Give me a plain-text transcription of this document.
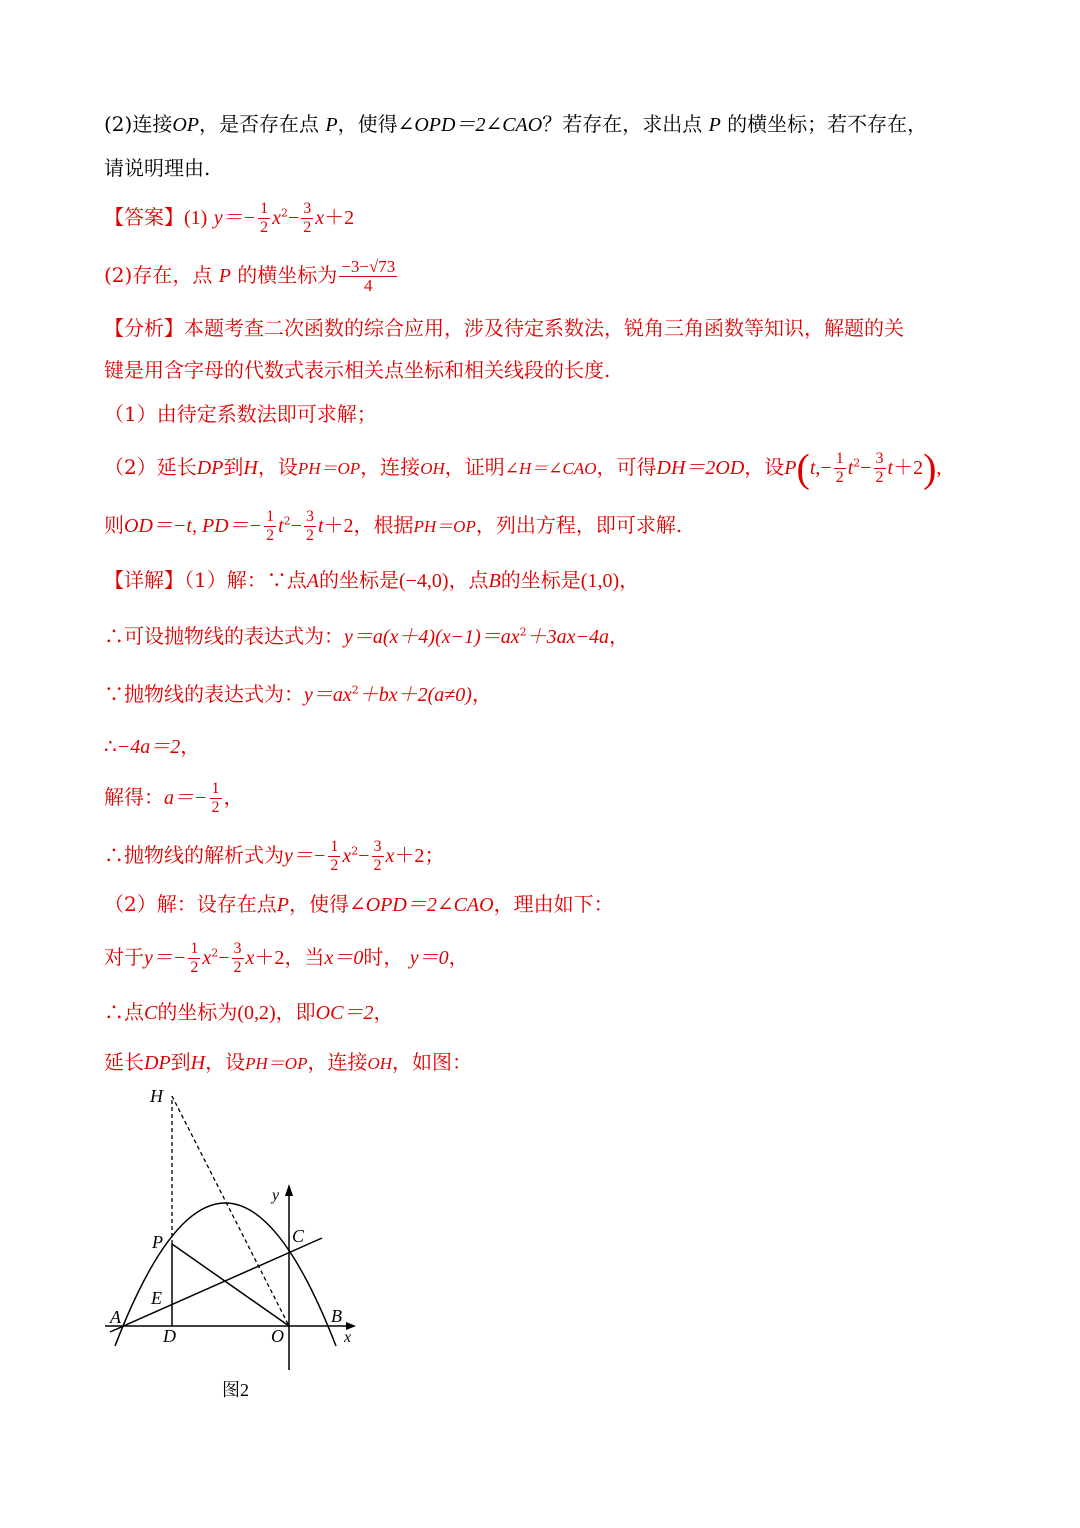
(2)连接OP，是否存在点 P，使得∠OPD＝2∠CAO？若存在，求出点 P 的横坐标；若不存在，
请说明理由.
【答案】(1) $y=- \frac{1}{2} x^2- \frac{3}{2} x+2$
(2)存在，点 P 的横坐标为 $\frac{-3-√73}{4}$
【分析】本题考查二次函数的综合应用，涉及待定系数法，锐角三角函数等知识，解题的关
键是用含字母的代数式表示相关点坐标和相关线段的长度.
（1）由待定系数法即可求解；
（2）延长DP到H，设PH＝OP，连接OH，证明∠H＝∠CAO，可得DH＝2OD，设$P(t,- \frac{1}{2} t^2- \frac{3}{2} t+2)$,
则OD＝−t, $PD=- \frac{1}{2} t^2- \frac{3}{2} t+2$，根据PH＝OP，列出方程，即可求解.
【详解】（1）解：∵点A的坐标是(−4,0)，点B的坐标是(1,0)，
∴可设抛物线的表达式为：$y=a(x+4)(x-1)=ax^2+3ax-4a$，
∵抛物线的表达式为：$y=ax^2+bx+2(a\ne 0)$，
∴−4a＝2，
解得：$a=- \frac{1}{2}$ ，
∴抛物线的解析式为$y=- \frac{1}{2} x^2- \frac{3}{2} x+2$；
（2）解：设存在点P，使得∠OPD＝2∠CAO，理由如下：
对于$y=- \frac{1}{2} x^2- \frac{3}{2} x+2$，当x＝0时， y＝0，
∴点C的坐标为(0,2)，即OC＝2，
延长DP到H，设PH＝OP，连接OH，如图：
H
y
P	C
E
A
D	O
B
x
图2
